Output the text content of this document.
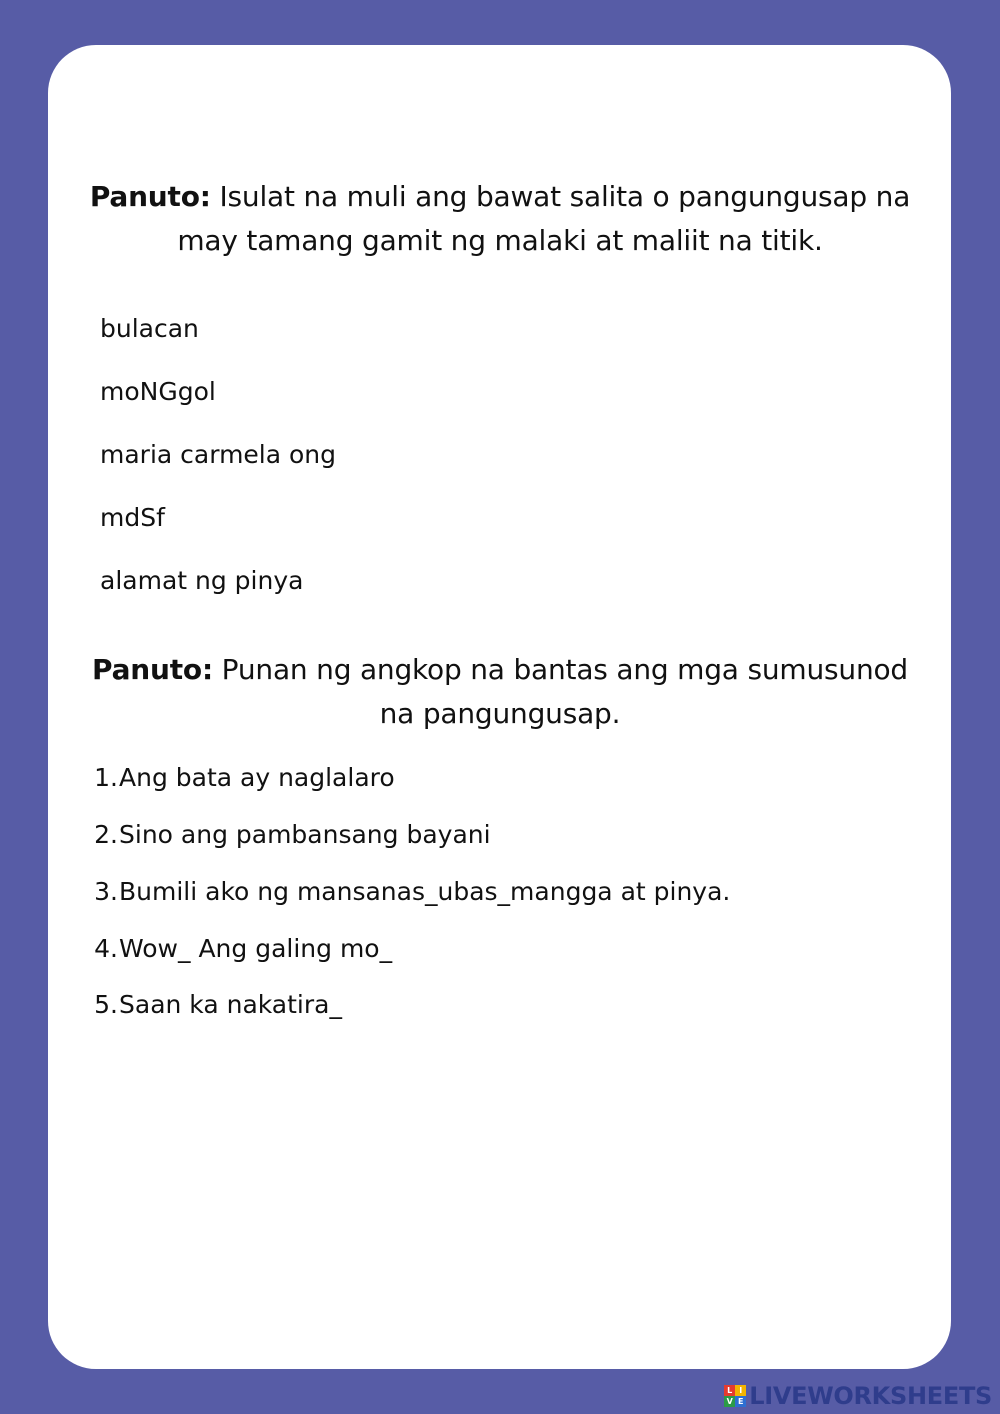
Panuto: Isulat na muli ang bawat salita o pangungusap na
may tamang gamit ng malaki at maliit na titik.
bulacan
moNGgol
maria carmela ong
mdSf
alamat ng pinya
Panuto: Punan ng angkop na bantas ang mga sumusunod
na pangungusap.
1. Ang bata ay naglalaro
2. Sino ang pambansang bayani
3. Bumili ako ng mansanas_ubas_mangga at pinya.
4. Wow_ Ang galing mo_
5. Saan ka nakatira_
L I
V E LIVEWORKSHEETS
